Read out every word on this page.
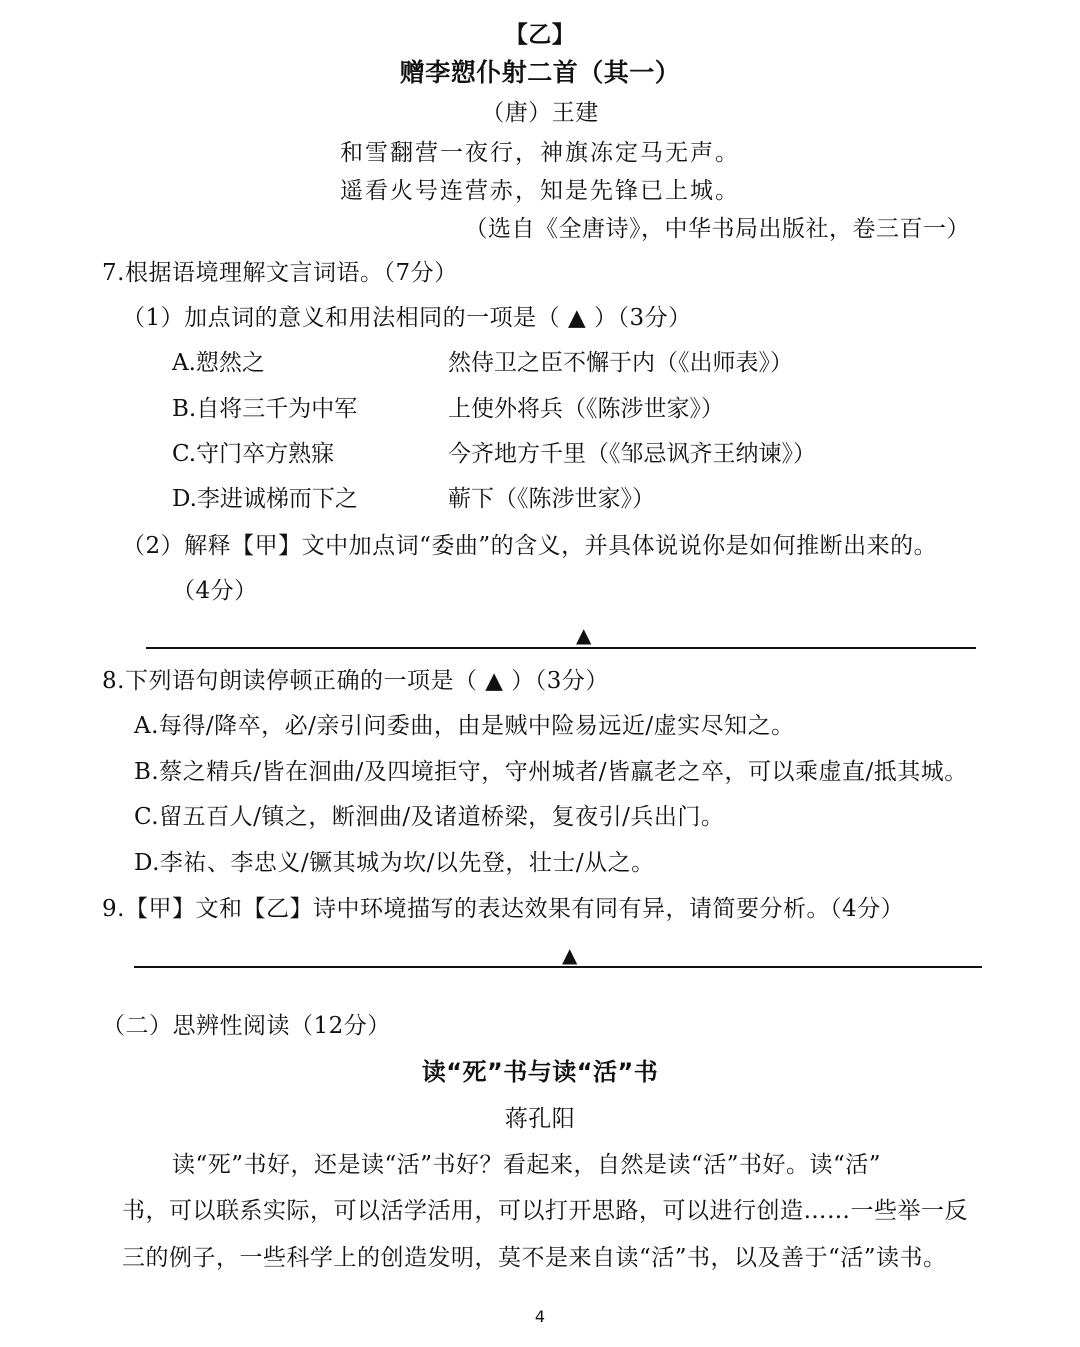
【乙】
赠李愬仆射二首（其一）
（唐）王建
和雪翻营一夜行，神旗冻定马无声。
遥看火号连营赤，知是先锋已上城。
（选自《全唐诗》，中华书局出版社，卷三百一）
7.根据语境理解文言词语。（7分）
（1）加点词的意义和用法相同的一项是（ ▲ ）（3分）
A.愬然之	然侍卫之臣不懈于内（《出师表》）
B.自将三千为中军	上使外将兵（《陈涉世家》）
C.守门卒方熟寐	今齐地方千里（《邹忌讽齐王纳谏》）
D.李进诚梯而下之	蕲下（《陈涉世家》）
（2）解释【甲】文中加点词“委曲”的含义，并具体说说你是如何推断出来的。
（4分）
▲
8.下列语句朗读停顿正确的一项是（ ▲ ）（3分）
A.每得/降卒，必/亲引问委曲，由是贼中险易远近/虚实尽知之。
B.蔡之精兵/皆在洄曲/及四境拒守，守州城者/皆羸老之卒，可以乘虚直/抵其城。
C.留五百人/镇之，断洄曲/及诸道桥梁，复夜引/兵出门。
D.李祐、李忠义/镢其城为坎/以先登，壮士/从之。
9.【甲】文和【乙】诗中环境描写的表达效果有同有异，请简要分析。（4分）
▲
（二）思辨性阅读（12分）
读“死”书与读“活”书
蒋孔阳
读“死”书好，还是读“活”书好？看起来，自然是读“活”书好。读“活”
书，可以联系实际，可以活学活用，可以打开思路，可以进行创造……一些举一反
三的例子，一些科学上的创造发明，莫不是来自读“活”书，以及善于“活”读书。
4
